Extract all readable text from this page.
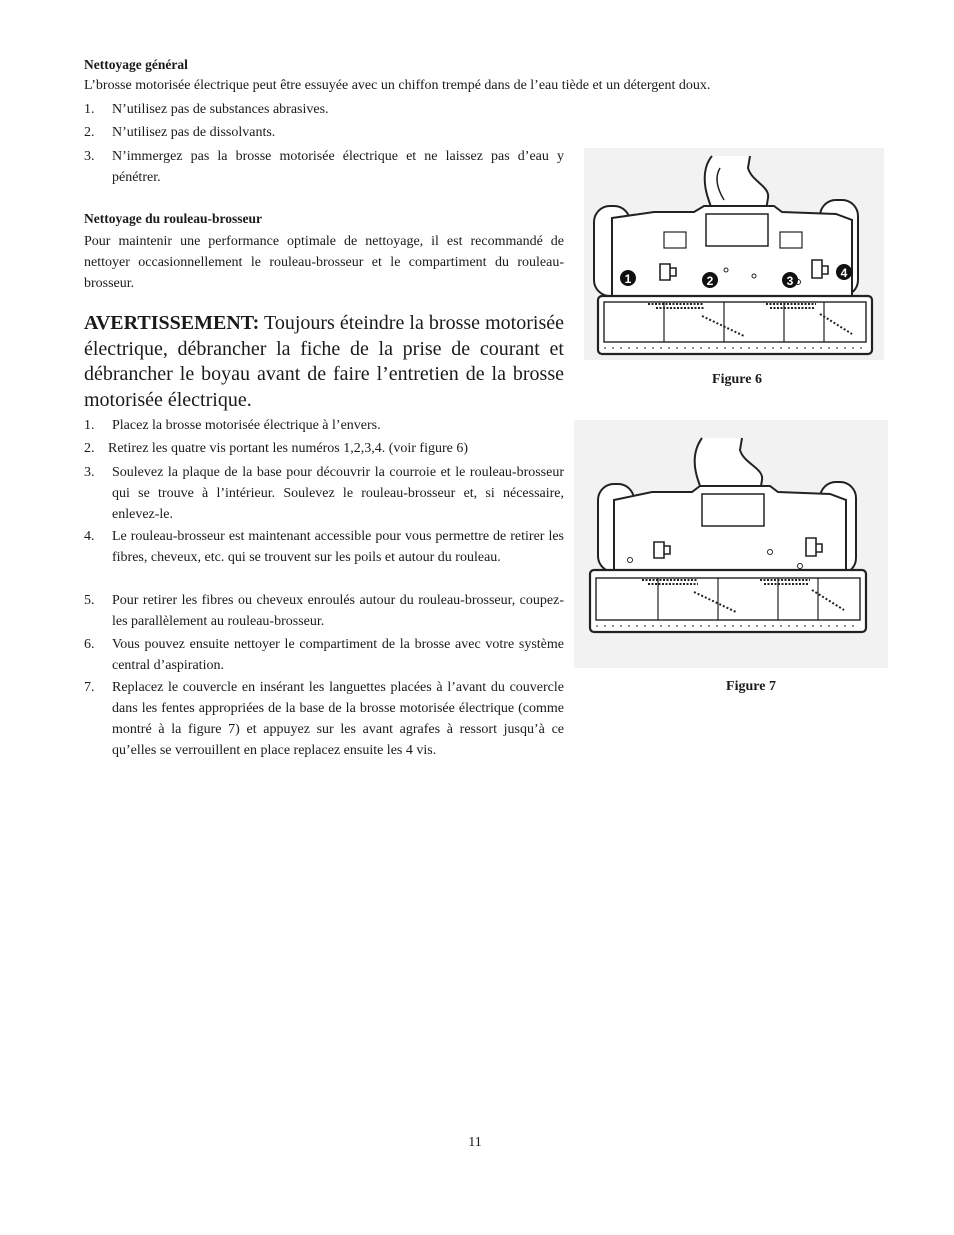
Nettoyage général
L’brosse motorisée électrique peut être essuyée avec un chiffon trempé dans de l’eau tiède et un détergent doux.
1. N’utilisez pas de substances abrasives.
2. N’utilisez pas de dissolvants.
3. N’immergez pas la brosse motorisée électrique et ne laissez pas d’eau y pénétrer.
Nettoyage du rouleau-brosseur
Pour maintenir une performance optimale de nettoyage, il est recommandé de nettoyer occasionnellement le rouleau-brosseur et le compartiment du rouleau-brosseur.
AVERTISSEMENT: Toujours éteindre la brosse motorisée électrique, débrancher la fiche de la prise de courant et débrancher le boyau avant de faire l’entretien de la brosse motorisée électrique.
1. Placez la brosse motorisée électrique à l’envers.
2. Retirez les quatre vis portant les numéros 1,2,3,4. (voir figure 6)
3. Soulevez la plaque de la base pour découvrir la courroie et le rouleau-brosseur qui se trouve à l’intérieur. Soulevez le rouleau-brosseur et, si nécessaire, enlevez-le.
4. Le rouleau-brosseur est maintenant accessible pour vous permettre de retirer les fibres, cheveux, etc. qui se trouvent sur les poils et autour du rouleau.
5. Pour retirer les fibres ou cheveux enroulés autour du rouleau-brosseur, coupez-les parallèlement au rouleau-brosseur.
6. Vous pouvez ensuite nettoyer le compartiment de la brosse avec votre système central d’aspiration.
7. Replacez le couvercle en insérant les languettes placées à l’avant du couvercle dans les fentes appropriées de la base de la brosse motorisée électrique (comme montré à la figure 7) et appuyez sur les avant agrafes à ressort jusqu’à ce qu’elles se verrouillent en place replacez ensuite les 4 vis.
1	2	3
4
Figure 6
Figure 7
11
